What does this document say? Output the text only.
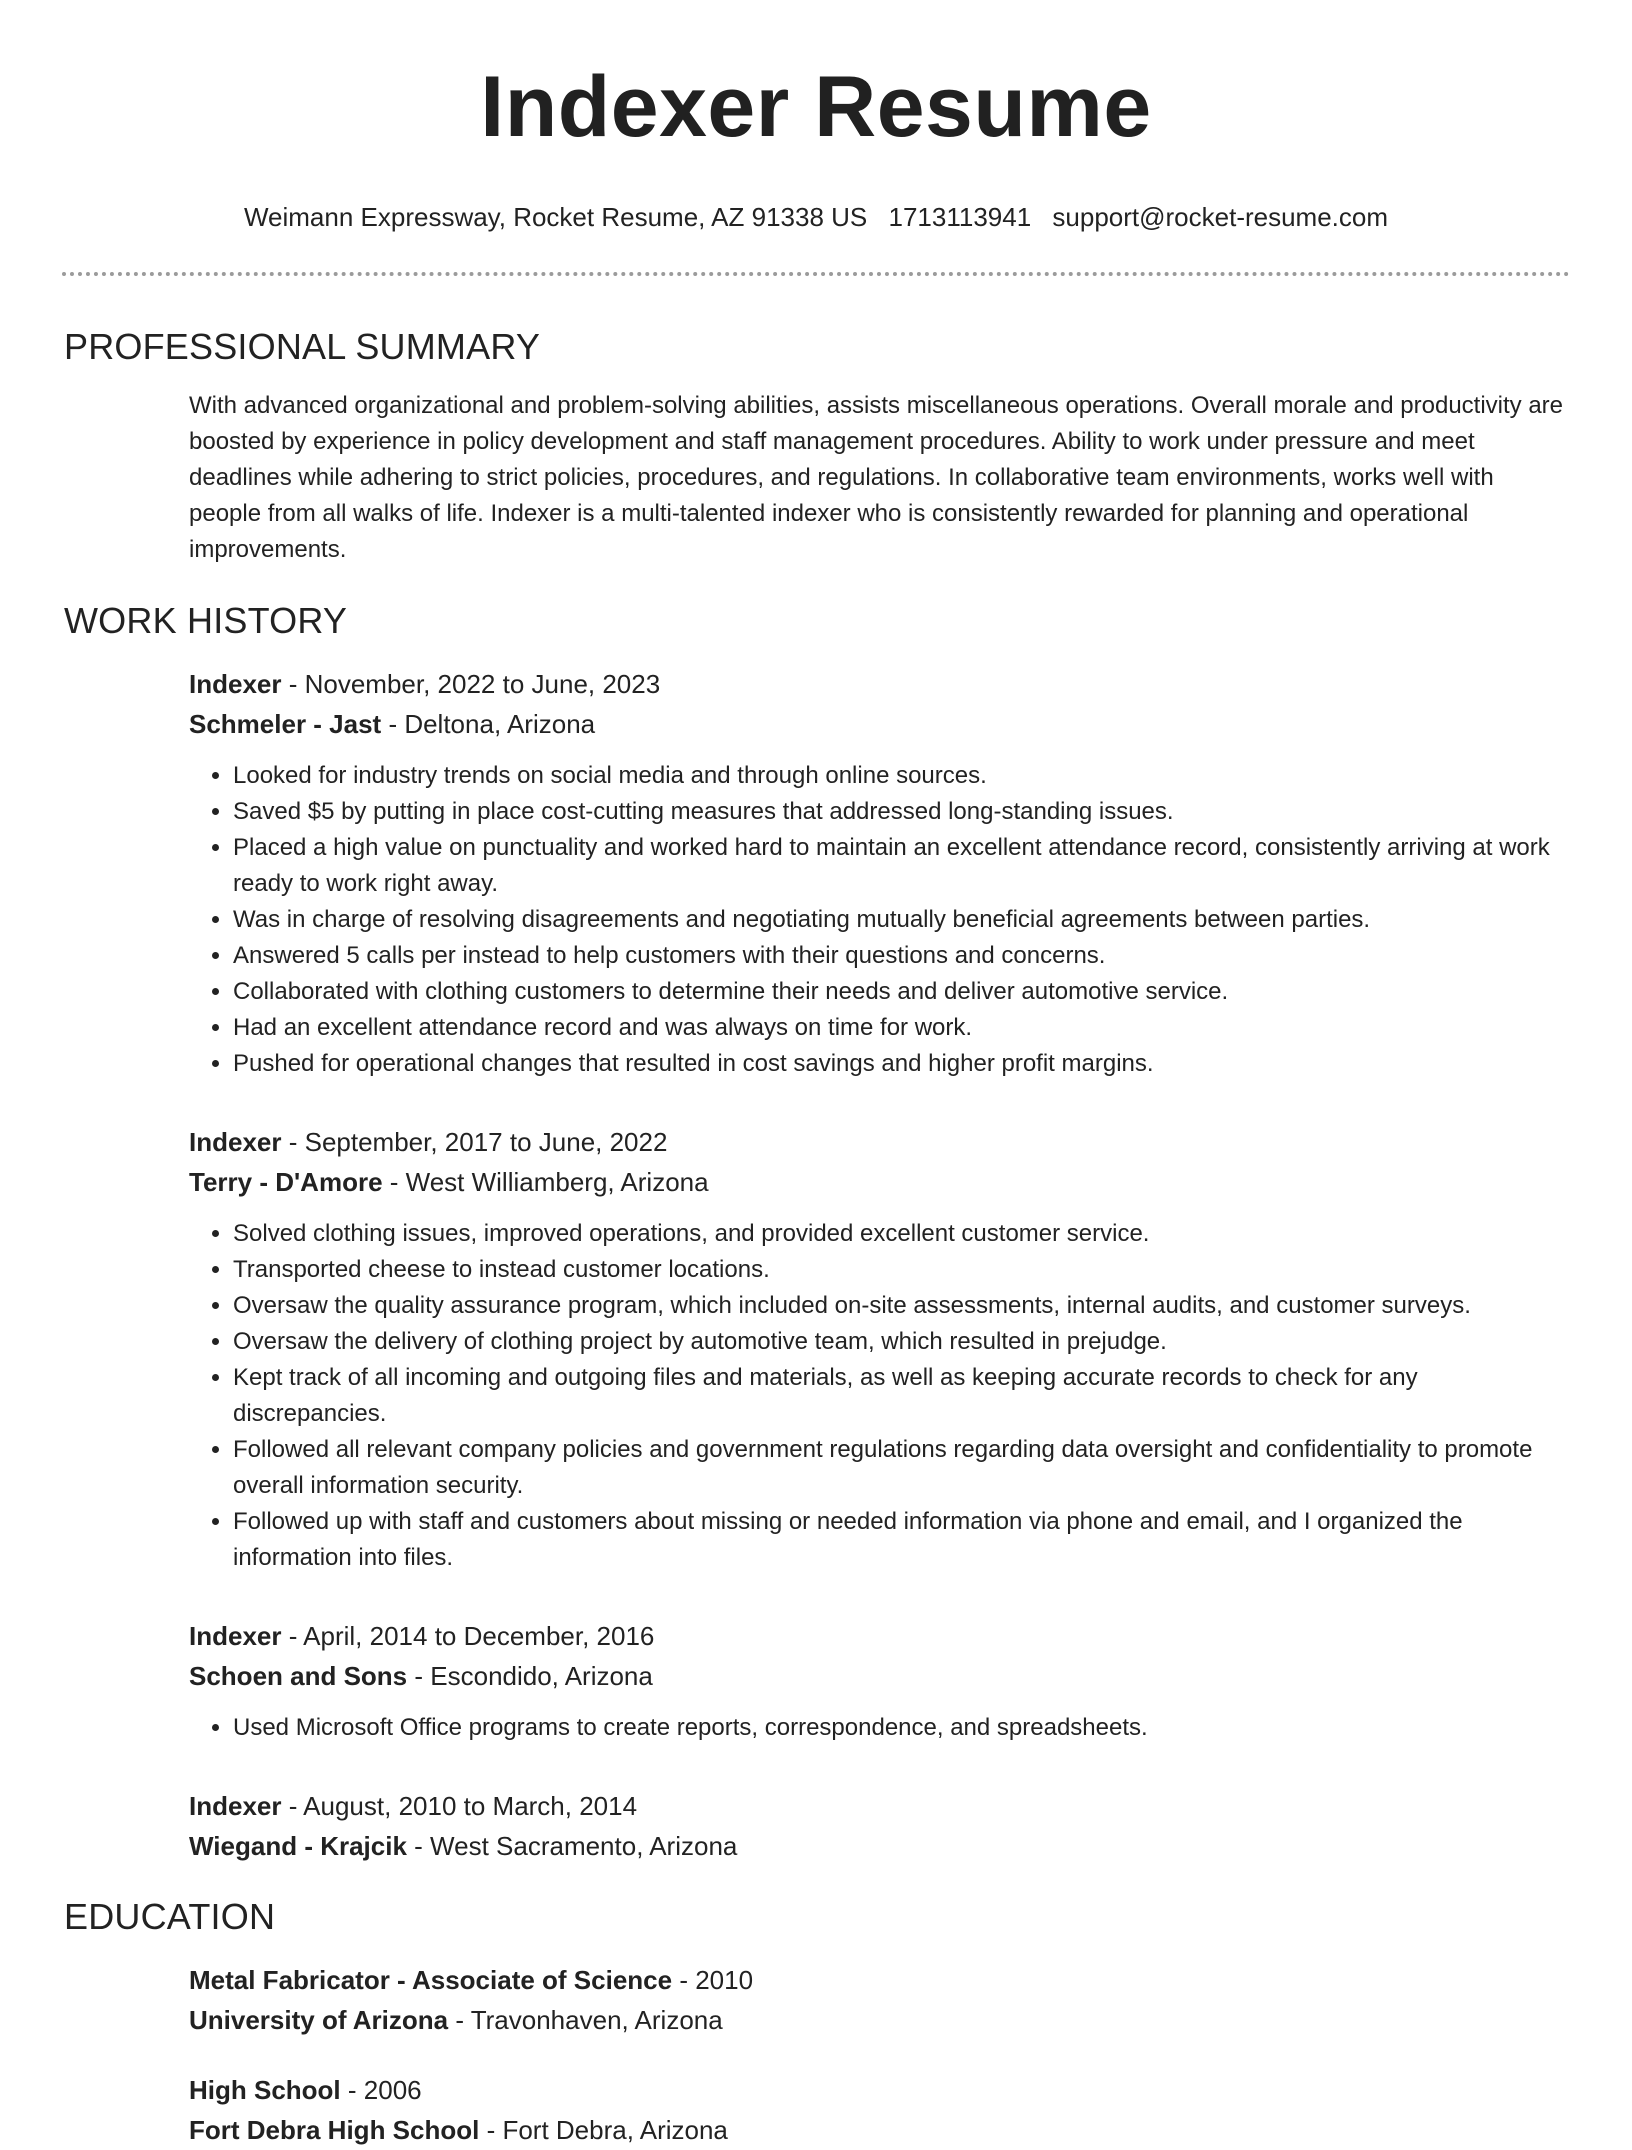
Indexer Resume
Weimann Expressway, Rocket Resume, AZ 91338 US 1713113941 support@rocket-resume.com
PROFESSIONAL SUMMARY

With advanced organizational and problem-solving abilities, assists miscellaneous operations. Overall morale and productivity are boosted by experience in policy development and staff management procedures. Ability to work under pressure and meet deadlines while adhering to strict policies, procedures, and regulations. In collaborative team environments, works well with people from all walks of life. Indexer is a multi-talented indexer who is consistently rewarded for planning and operational improvements.

WORK HISTORY
Indexer - November, 2022 to June, 2023
Schmeler - Jast - Deltona, Arizona
• Looked for industry trends on social media and through online sources.
• Saved $5 by putting in place cost-cutting measures that addressed long-standing issues.
• Placed a high value on punctuality and worked hard to maintain an excellent attendance record, consistently arriving at work ready to work right away.
• Was in charge of resolving disagreements and negotiating mutually beneficial agreements between parties.
• Answered 5 calls per instead to help customers with their questions and concerns.
• Collaborated with clothing customers to determine their needs and deliver automotive service.
• Had an excellent attendance record and was always on time for work.
• Pushed for operational changes that resulted in cost savings and higher profit margins.
Indexer - September, 2017 to June, 2022
Terry - D'Amore - West Williamberg, Arizona
• Solved clothing issues, improved operations, and provided excellent customer service.
• Transported cheese to instead customer locations.
• Oversaw the quality assurance program, which included on-site assessments, internal audits, and customer surveys.
• Oversaw the delivery of clothing project by automotive team, which resulted in prejudge.
• Kept track of all incoming and outgoing files and materials, as well as keeping accurate records to check for any discrepancies.
• Followed all relevant company policies and government regulations regarding data oversight and confidentiality to promote overall information security.
• Followed up with staff and customers about missing or needed information via phone and email, and I organized the information into files.
Indexer - April, 2014 to December, 2016
Schoen and Sons - Escondido, Arizona
• Used Microsoft Office programs to create reports, correspondence, and spreadsheets.
Indexer - August, 2010 to March, 2014
Wiegand - Krajcik - West Sacramento, Arizona
EDUCATION
Metal Fabricator - Associate of Science - 2010
University of Arizona - Travonhaven, Arizona
High School - 2006
Fort Debra High School - Fort Debra, Arizona
